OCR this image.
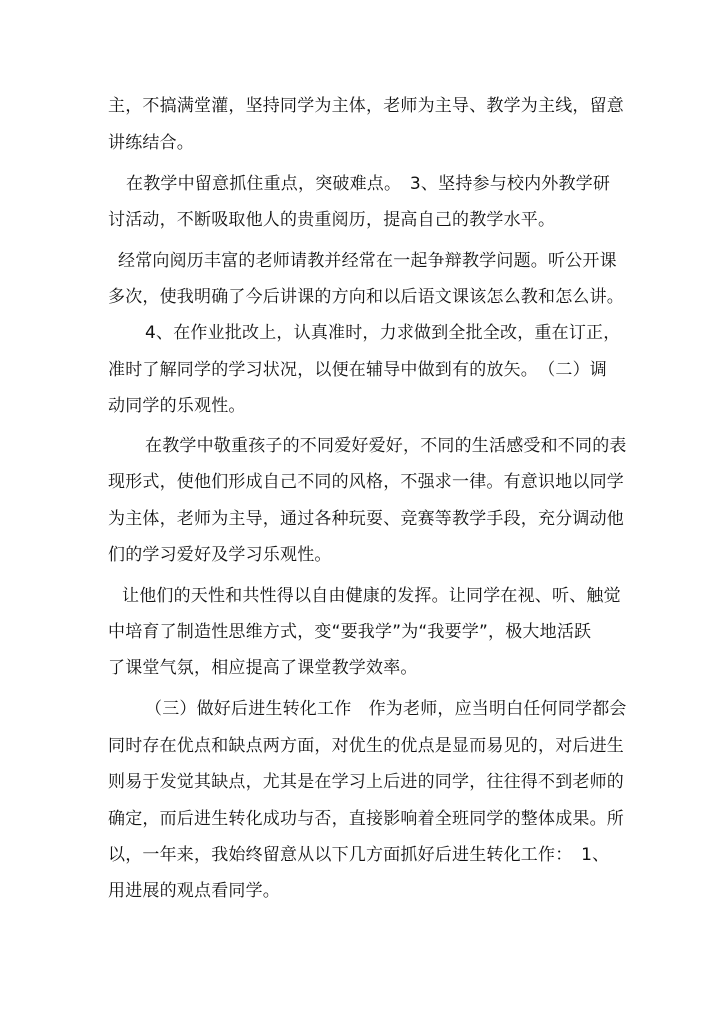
主，不搞满堂灌，坚持同学为主体，老师为主导、教学为主线，留意
讲练结合。
在教学中留意抓住重点，突破难点。　3、坚持参与校内外教学研
讨活动，不断吸取他人的贵重阅历，提高自己的教学水平。
经常向阅历丰富的老师请教并经常在一起争辩教学问题。听公开课
多次，使我明确了今后讲课的方向和以后语文课该怎么教和怎么讲。
4、在作业批改上，认真准时，力求做到全批全改，重在订正，
准时了解同学的学习状况，以便在辅导中做到有的放矢。　（二）调
动同学的乐观性。
在教学中敬重孩子的不同爱好爱好，不同的生活感受和不同的表
现形式，使他们形成自己不同的风格，不强求一律。有意识地以同学
为主体，老师为主导，通过各种玩耍、竞赛等教学手段，充分调动他
们的学习爱好及学习乐观性。
让他们的天性和共性得以自由健康的发挥。让同学在视、听、触觉
中培育了制造性思维方式，变“要我学”为“我要学”，极大地活跃
了课堂气氛，相应提高了课堂教学效率。
（三）做好后进生转化工作　作为老师，应当明白任何同学都会
同时存在优点和缺点两方面，对优生的优点是显而易见的，对后进生
则易于发觉其缺点，尤其是在学习上后进的同学，往往得不到老师的
确定，而后进生转化成功与否，直接影响着全班同学的整体成果。所
以，一年来，我始终留意从以下几方面抓好后进生转化工作：　1、
用进展的观点看同学。
